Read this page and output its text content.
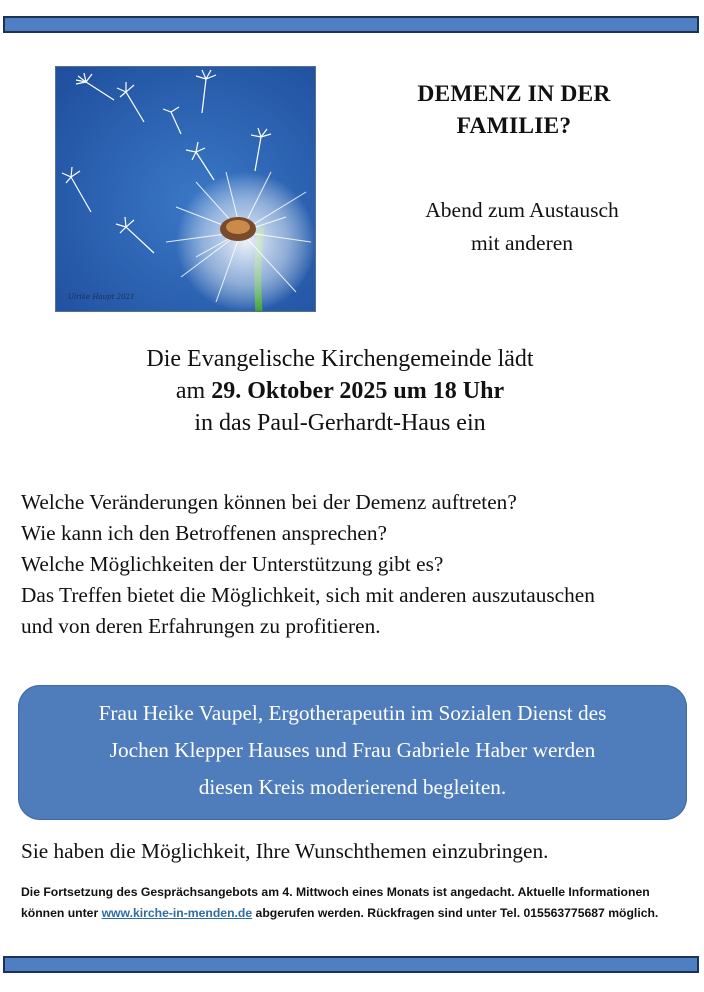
Ulrike Haupt 2021
DEMENZ IN DER
FAMILIE?
Abend zum Austausch
mit anderen
Die Evangelische Kirchengemeinde lädt
am 29. Oktober 2025 um 18 Uhr
in das Paul-Gerhardt-Haus ein
Welche Veränderungen können bei der Demenz auftreten?
Wie kann ich den Betroffenen ansprechen?
Welche Möglichkeiten der Unterstützung gibt es?
Das Treffen bietet die Möglichkeit, sich mit anderen auszutauschen
und von deren Erfahrungen zu profitieren.
Frau Heike Vaupel, Ergotherapeutin im Sozialen Dienst des
Jochen Klepper Hauses und Frau Gabriele Haber werden
diesen Kreis moderierend begleiten.
Sie haben die Möglichkeit, Ihre Wunschthemen einzubringen.
Die Fortsetzung des Gesprächsangebots am 4. Mittwoch eines Monats ist angedacht. Aktuelle Informationen
können unter www.kirche-in-menden.de abgerufen werden. Rückfragen sind unter Tel. 015563775687 möglich.
